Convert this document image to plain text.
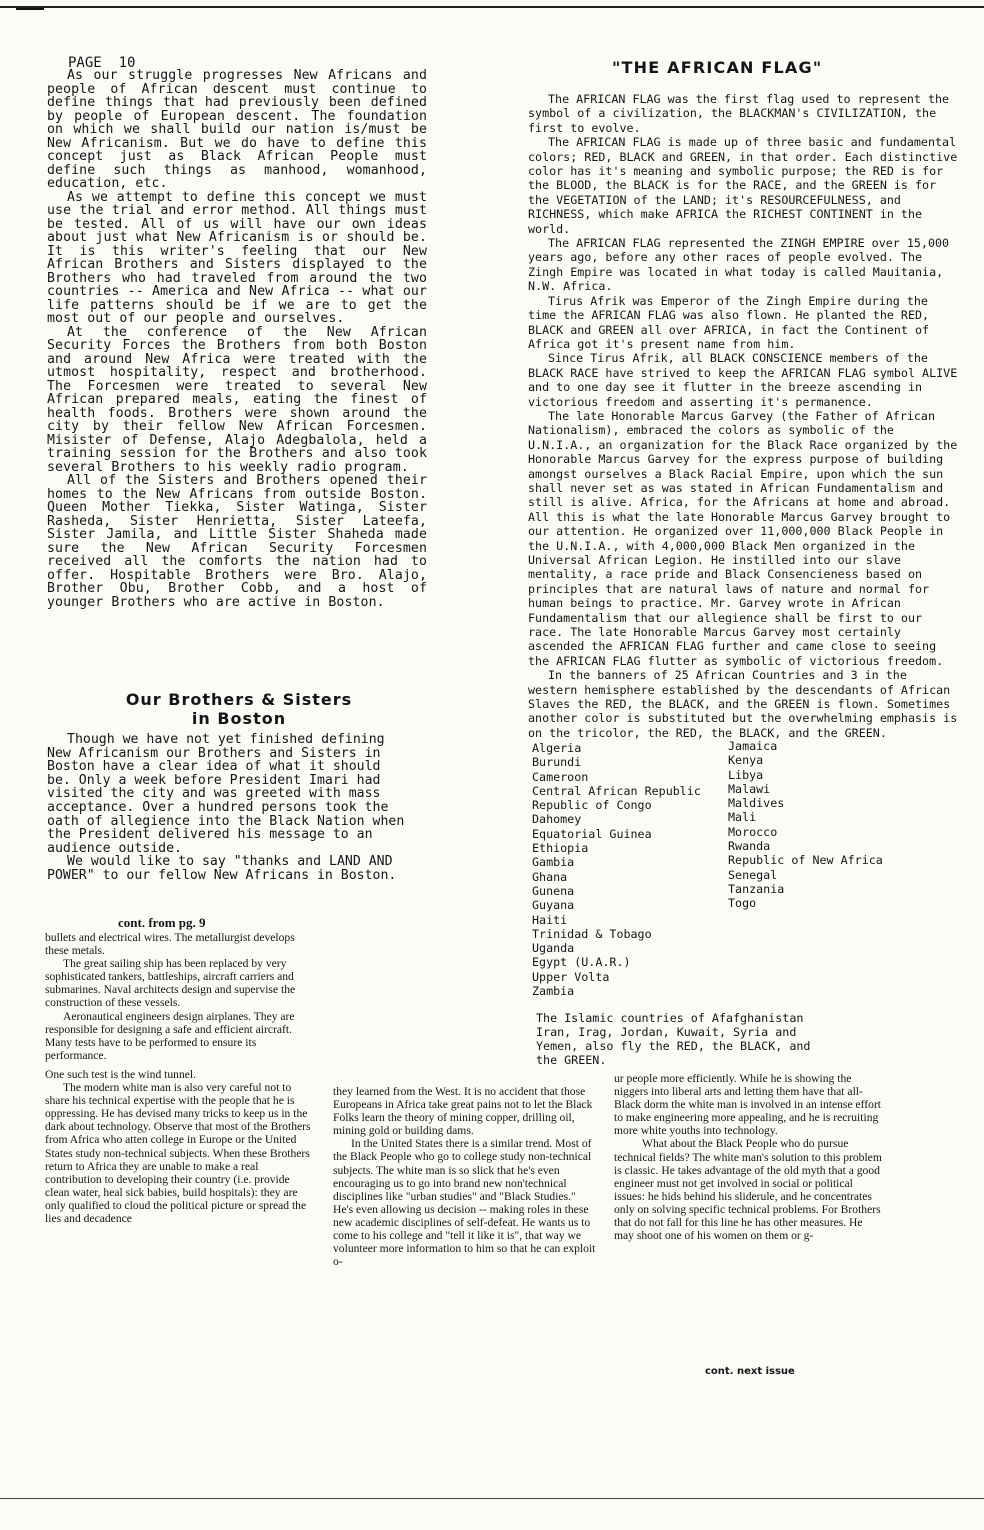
PAGE  10

As our struggle progresses New Africans and people of African descent must continue to define things that had previously been defined by people of European descent. The foundation on which we shall build our nation is/must be New Africanism. But we do have to define this concept just as Black African People must define such things as manhood, womanhood, education, etc.

As we attempt to define this concept we must use the trial and error method. All things must be tested. All of us will have our own ideas about just what New Africanism is or should be. It is this writer's feeling that our New African Brothers and Sisters displayed to the Brothers who had traveled from around the two countries -- America and New Africa -- what our life patterns should be if we are to get the most out of our people and ourselves.

At the conference of the New African Security Forces the Brothers from both Boston and around New Africa were treated with the utmost hospitality, respect and brotherhood. The Forcesmen were treated to several New African prepared meals, eating the finest of health foods. Brothers were shown around the city by their fellow New African Forcesmen. Misister of Defense, Alajo Adegbalola, held a training session for the Brothers and also took several Brothers to his weekly radio program.

All of the Sisters and Brothers opened their homes to the New Africans from outside Boston. Queen Mother Tiekka, Sister Watinga, Sister Rasheda, Sister Henrietta, Sister Lateefa, Sister Jamila, and Little Sister Shaheda made sure the New African Security Forcesmen received all the comforts the nation had to offer. Hospitable Brothers were Bro. Alajo, Brother Obu, Brother Cobb, and a host of younger Brothers who are active in Boston.

Our Brothers & Sisters
in Boston

Though we have not yet finished defining New Africanism our Brothers and Sisters in Boston have a clear idea of what it should be. Only a week before President Imari had visited the city and was greeted with mass acceptance. Over a hundred persons took the oath of allegience into the Black Nation when the President delivered his message to an audience outside.

We would like to say "thanks and LAND AND POWER" to our fellow New Africans in Boston.

cont. from pg. 9

bullets and electrical wires. The metallurgist develops these metals.

The great sailing ship has been replaced by very sophisticated tankers, battleships, aircraft carriers and submarines. Naval architects design and supervise the construction of these vessels.

Aeronautical engineers design airplanes. They are responsible for designing a safe and efficient aircraft. Many tests have to be performed to ensure its performance.

One such test is the wind tunnel.

The modern white man is also very careful not to share his technical expertise with the people that he is oppressing. He has devised many tricks to keep us in the dark about technology. Observe that most of the Brothers from Africa who atten college in Europe or the United States study non-technical subjects. When these Brothers return to Africa they are unable to make a real contribution to developing their country (i.e. provide clean water, heal sick babies, build hospitals): they are only qualified to cloud the political picture or spread the lies and decadence

they learned from the West. It is no accident that those Europeans in Africa take great pains not to let the Black Folks learn the theory of mining copper, drilling oil, mining gold or building dams.

In the United States there is a similar trend. Most of the Black People who go to college study non-technical subjects. The white man is so slick that he's even encouraging us to go into brand new non'technical disciplines like "urban studies" and "Black Studies." He's even allowing us decision -- making roles in these new academic disciplines of self-defeat. He wants us to come to his college and "tell it like it is", that way we volunteer more information to him so that he can exploit o-

ur people more efficiently. While he is showing the niggers into liberal arts and letting them have that all-Black dorm the white man is involved in an intense effort to make engineering more appealing, and he is recruiting more white youths into technology.

What about the Black People who do pursue technical fields? The white man's solution to this problem is classic. He takes advantage of the old myth that a good engineer must not get involved in social or political issues: he hids behind his sliderule, and he concentrates only on solving specific technical problems. For Brothers that do not fall for this line he has other measures. He may shoot one of his women on them or g-

cont. next issue
"THE AFRICAN FLAG"

The AFRICAN FLAG was the first flag used to represent the symbol of a civilization, the BLACKMAN's CIVILIZATION, the first to evolve.

The AFRICAN FLAG is made up of three basic and fundamental colors; RED, BLACK and GREEN, in that order. Each distinctive color has it's meaning and symbolic purpose; the RED is for the BLOOD, the BLACK is for the RACE, and the GREEN is for the VEGETATION of the LAND; it's RESOURCEFULNESS, and RICHNESS, which make AFRICA the RICHEST CONTINENT in the world.

The AFRICAN FLAG represented the ZINGH EMPIRE over 15,000 years ago, before any other races of people evolved. The Zingh Empire was located in what today is called Mauitania, N.W. Africa.

Tirus Afrik was Emperor of the Zingh Empire during the time the AFRICAN FLAG was also flown. He planted the RED, BLACK and GREEN all over AFRICA, in fact the Continent of Africa got it's present name from him.

Since Tirus Afrik, all BLACK CONSCIENCE members of the BLACK RACE have strived to keep the AFRICAN FLAG symbol ALIVE and to one day see it flutter in the breeze ascending in victorious freedom and asserting it's permanence.

The late Honorable Marcus Garvey (the Father of African Nationalism), embraced the colors as symbolic of the U.N.I.A., an organization for the Black Race organized by the Honorable Marcus Garvey for the express purpose of building amongst ourselves a Black Racial Empire, upon which the sun shall never set as was stated in African Fundamentalism and still is alive. Africa, for the Africans at home and abroad. All this is what the late Honorable Marcus Garvey brought to our attention. He organized over 11,000,000 Black People in the U.N.I.A., with 4,000,000 Black Men organized in the Universal African Legion. He instilled into our slave mentality, a race pride and Black Consencieness based on principles that are natural laws of nature and normal for human beings to practice. Mr. Garvey wrote in African Fundamentalism that our allegience shall be first to our race. The late Honorable Marcus Garvey most certainly ascended the AFRICAN FLAG further and came close to seeing the AFRICAN FLAG flutter as symbolic of victorious freedom.

In the banners of 25 African Countries and 3 in the western hemisphere established by the descendants of African Slaves the RED, the BLACK, and the GREEN is flown. Sometimes another color is substituted but the overwhelming emphasis is on the tricolor, the RED, the BLACK, and the GREEN.

Algeria
Burundi
Cameroon
Central African Republic
Republic of Congo
Dahomey
Equatorial Guinea
Ethiopia
Gambia
Ghana
Gunena
Guyana
Haiti
Trinidad & Tobago
Uganda
Egypt (U.A.R.)
Upper Volta
Zambia
Jamaica
Kenya
Libya
Malawi
Maldives
Mali
Morocco
Rwanda
Republic of New Africa
Senegal
Tanzania
Togo
The Islamic countries of Afafghanistan Iran, Irag, Jordan, Kuwait, Syria and Yemen, also fly the RED, the BLACK, and the GREEN.
